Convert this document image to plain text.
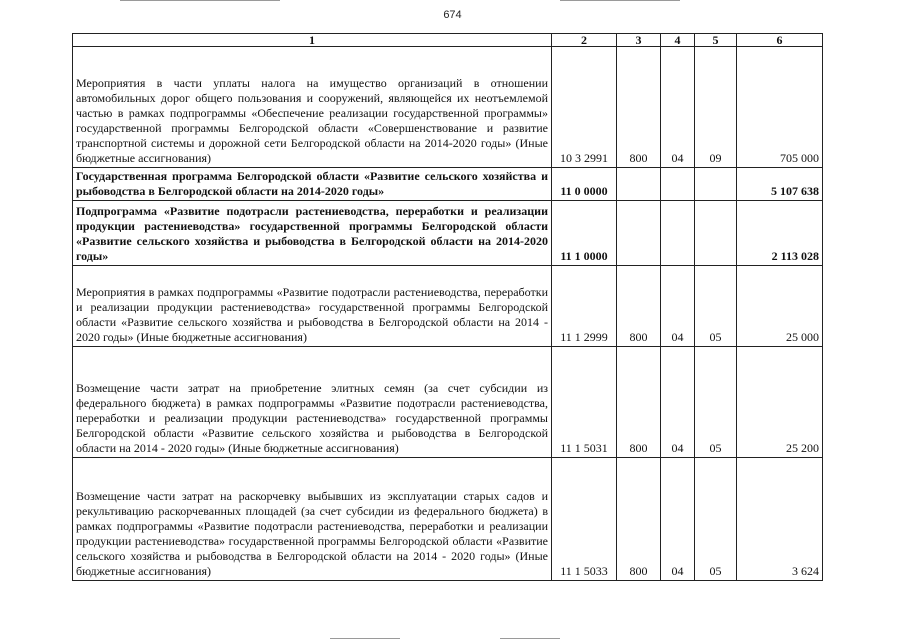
674
1	2	3	4	5	6
Мероприятия в части уплаты налога на имущество организаций в отношении автомобильных дорог общего пользования и сооружений, являющейся их неотъемлемой частью в рамках подпрограммы «Обеспечение реализации государственной программы» государственной программы Белгородской области «Совершенствование и развитие транспортной системы и дорожной сети Белгородской области на 2014-2020 годы» (Иные бюджетные ассигнования)	10 3 2991	800	04	09	705 000
Государственная программа Белгородской области «Развитие сельского хозяйства и рыбоводства в Белгородской области на 2014-2020 годы»	11 0 0000				5 107 638
Подпрограмма «Развитие подотрасли растениеводства, переработки и реализации продукции растениеводства» государственной программы Белгородской области «Развитие сельского хозяйства и рыбоводства в Белгородской области на 2014-2020 годы»	11 1 0000				2 113 028
Мероприятия в рамках подпрограммы «Развитие подотрасли растениеводства, переработки и реализации продукции растениеводства» государственной программы Белгородской области «Развитие сельского хозяйства и рыбоводства в Белгородской области на 2014 - 2020 годы» (Иные бюджетные ассигнования)	11 1 2999	800	04	05	25 000
Возмещение части затрат на приобретение элитных семян (за счет субсидии из федерального бюджета) в рамках подпрограммы «Развитие подотрасли растениеводства, переработки и реализации продукции растениеводства» государственной программы Белгородской области «Развитие сельского хозяйства и рыбоводства в Белгородской области на 2014 - 2020 годы» (Иные бюджетные ассигнования)	11 1 5031	800	04	05	25 200
Возмещение части затрат на раскорчевку выбывших из эксплуатации старых садов и рекультивацию раскорчеванных площадей (за счет субсидии из федерального бюджета) в рамках подпрограммы «Развитие подотрасли растениеводства, переработки и реализации продукции растениеводства» государственной программы Белгородской области «Развитие сельского хозяйства и рыбоводства в Белгородской области на 2014 - 2020 годы» (Иные бюджетные ассигнования)	11 1 5033	800	04	05	3 624
